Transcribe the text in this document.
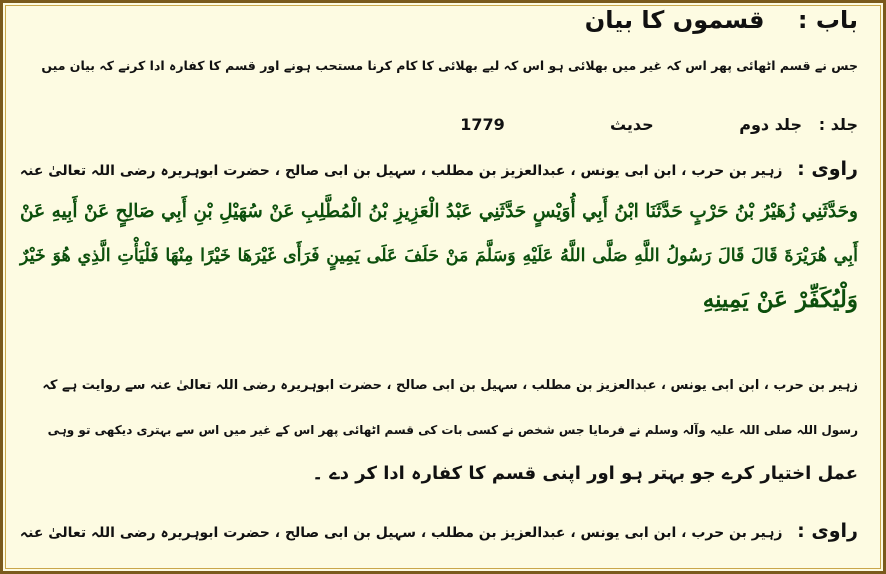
باب :    قسموں کا بیان
جس نے قسم اٹھائی پھر اس کہ غیر میں بھلائی ہو اس کہ لیے بھلائی کا کام کرنا مستحب ہونے اور قسم کا کفارہ ادا کرنے کہ بیان میں
جلد :   جلد دوم حدیث                1779
راوی :   زہیر بن حرب ، ابن ابی یونس ، عبدالعزیز بن مطلب ، سہیل بن ابی صالح ، حضرت ابوہریرہ رضی اللہ تعالیٰ عنہ
وحَدَّثَنِي زُهَيْرُ بْنُ حَرْبٍ حَدَّثَنَا ابْنُ أَبِي أُوَيْسٍ حَدَّثَنِي عَبْدُ الْعَزِيزِ بْنُ الْمُطَّلِبِ عَنْ سُهَيْلِ بْنِ أَبِي صَالِحٍ عَنْ أَبِيهِ عَنْ
أَبِي هُرَيْرَةَ قَالَ قَالَ رَسُولُ اللَّهِ صَلَّى اللَّهُ عَلَيْهِ وَسَلَّمَ مَنْ حَلَفَ عَلَى يَمِينٍ فَرَأَى غَيْرَهَا خَيْرًا مِنْهَا فَلْيَأْتِ الَّذِي هُوَ خَيْرٌ
وَلْيُكَفِّرْ عَنْ يَمِينِهِ
زہیر بن حرب ، ابن ابی یونس ، عبدالعزیز بن مطلب ، سہیل بن ابی صالح ، حضرت ابوہریرہ رضی اللہ تعالیٰ عنہ سے روایت ہے کہ
رسول اللہ صلی اللہ علیہ وآلہ وسلم نے فرمایا جس شخص نے کسی بات کی قسم اٹھائی پھر اس کے غیر میں اس سے بہتری دیکھی تو وہی
عمل اختیار کرے جو بہتر ہو اور اپنی قسم کا کفارہ ادا کر دے ۔
راوی :   زہیر بن حرب ، ابن ابی یونس ، عبدالعزیز بن مطلب ، سہیل بن ابی صالح ، حضرت ابوہریرہ رضی اللہ تعالیٰ عنہ
